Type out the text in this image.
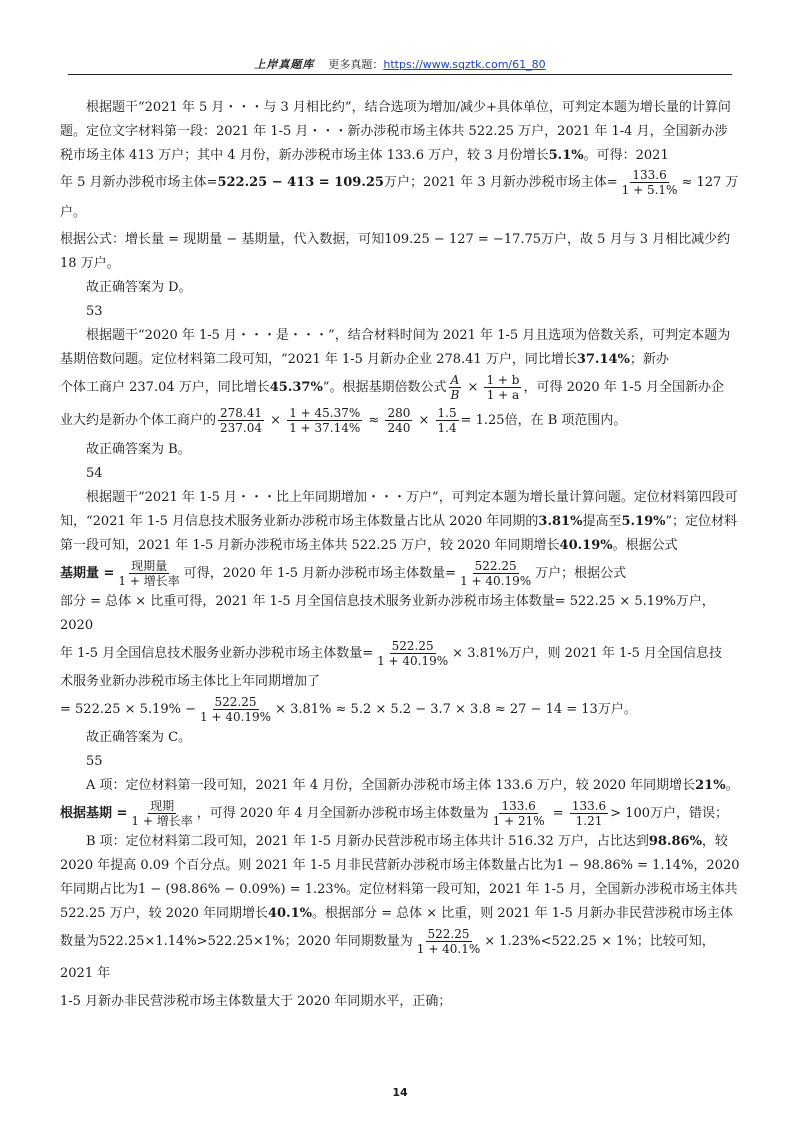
上岸真题库 更多真题：https://www.sqztk.com/61_80

根据题干“2021 年 5 月・・・与 3 月相比约”，结合选项为增加/减少+具体单位，可判定本题为增长量的计算问题。定位文字材料第一段：2021 年 1-5 月・・・新办涉税市场主体共 522.25 万户，2021 年 1-4 月，全国新办涉税市场主体 413 万户；其中 4 月份，新办涉税市场主体 133.6 万户，较 3 月份增长5.1%。可得：2021

年 5 月新办涉税市场主体=522.25 − 413 = 109.25万户；2021 年 3 月新办涉税市场主体= $\frac{133.6}{1 + 5.1\%} \approx 127$ 万户。

根据公式：增长量 = 现期量 − 基期量，代入数据，可知109.25 − 127 = −17.75万户，故 5 月与 3 月相比减少约 18 万户。

故正确答案为 D。

53

根据题干“2020 年 1-5 月・・・是・・・”，结合材料时间为 2021 年 1-5 月且选项为倍数关系，可判定本题为基期倍数问题。定位材料第二段可知，“2021 年 1-5 月新办企业 278.41 万户，同比增长37.14%；新办

个体工商户 237.04 万户，同比增长45.37%”。根据基期倍数公式 $\frac{A}{B} \times \frac{1 + b}{1 + a}$ ，可得 2020 年 1-5 月全国新办企

业大约是新办个体工商户的 $\frac{278.41}{237.04} \times \frac{1 + 45.37\%}{1 + 37.14\%} \approx \frac{280}{240} \times \frac{1.5}{1.4} = 1.25$倍，在 B 项范围内。

故正确答案为 B。

54

根据题干“2021 年 1-5 月・・・比上年同期增加・・・万户”，可判定本题为增长量计算问题。定位材料第四段可知，“2021 年 1-5 月信息技术服务业新办涉税市场主体数量占比从 2020 年同期的3.81%提高至5.19%”；定位材料第一段可知，2021 年 1-5 月新办涉税市场主体共 522.25 万户，较 2020 年同期增长40.19%。根据公式

基期量 = $\frac{\text{现期量}}{\text{1 + 增长率}}$ 可得，2020 年 1-5 月新办涉税市场主体数量= $\frac{522.25}{1 + 40.19\%}$ 万户；根据公式

部分 = 总体 × 比重可得，2021 年 1-5 月全国信息技术服务业新办涉税市场主体数量= 522.25 × 5.19%万户，2020

年 1-5 月全国信息技术服务业新办涉税市场主体数量= $\frac{522.25}{1 + 40.19\%} \times 3.81\%$万户，则 2021 年 1-5 月全国信息技

术服务业新办涉税市场主体比上年同期增加了

= $522.25 \times 5.19\% - \frac{522.25}{1 + 40.19\%} \times 3.81\% \approx 5.2 \times 5.2 - 3.7 \times 3.8 \approx 27 - 14 = 13$万户。

故正确答案为 C。

55

A 项：定位材料第一段可知，2021 年 4 月份，全国新办涉税市场主体 133.6 万户，较 2020 年同期增长21%。

根据基期 = $\frac{\text{现期}}{\text{1 + 增长率}}$ ，可得 2020 年 4 月全国新办涉税市场主体数量为 $\frac{133.6}{1 + 21\%} = \frac{133.6}{1.21} > 100$万户，错误；

B 项：定位材料第二段可知，2021 年 1-5 月新办民营涉税市场主体共计 516.32 万户，占比达到98.86%，较 2020 年提高 0.09 个百分点。则 2021 年 1-5 月非民营新办涉税市场主体数量占比为1 − 98.86% = 1.14%，2020 年同期占比为1 − (98.86% − 0.09%) = 1.23%。定位材料第一段可知，2021 年 1-5 月，全国新办涉税市场主体共 522.25 万户，较 2020 年同期增长40.1%。根据部分 = 总体 × 比重，则 2021 年 1-5 月新办非民营涉税市场主体

数量为522.25×1.14%>522.25×1%；2020 年同期数量为 $\frac{522.25}{1 + 40.1\%} \times 1.23\%<522.25 \times 1\%$；比较可知，2021 年

1-5 月新办非民营涉税市场主体数量大于 2020 年同期水平，正确；

14
